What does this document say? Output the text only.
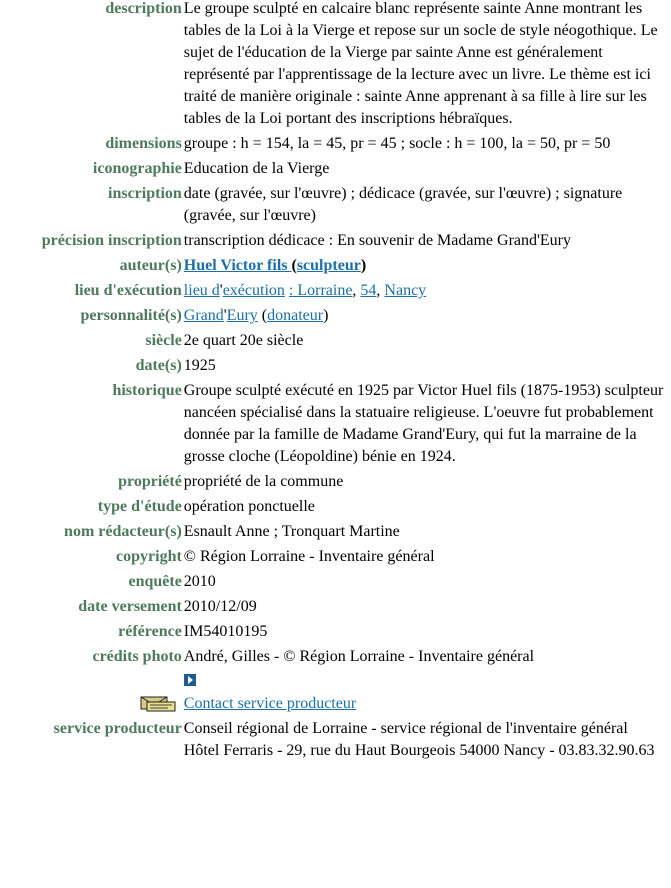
description	Le groupe sculpté en calcaire blanc représente sainte Anne montrant les tables de la Loi à la Vierge et repose sur un socle de style néogothique. Le sujet de l'éducation de la Vierge par sainte Anne est généralement représenté par l'apprentissage de la lecture avec un livre. Le thème est ici traité de manière originale : sainte Anne apprenant à sa fille à lire sur les tables de la Loi portant des inscriptions hébraïques.
dimensions	groupe : h = 154, la = 45, pr = 45 ; socle : h = 100, la = 50, pr = 50
iconographie	Education de la Vierge
inscription	date (gravée, sur l'œuvre) ; dédicace (gravée, sur l'œuvre) ; signature (gravée, sur l'œuvre)
précision inscription	transcription dédicace : En souvenir de Madame Grand'Eury
auteur(s)	Huel Victor fils (sculpteur)
lieu d'exécution	lieu d'exécution : Lorraine, 54, Nancy
personnalité(s)	Grand'Eury (donateur)
siècle	2e quart 20e siècle
date(s)	1925
historique	Groupe sculpté exécuté en 1925 par Victor Huel fils (1875-1953) sculpteur nancéen spécialisé dans la statuaire religieuse. L'oeuvre fut probablement donnée par la famille de Madame Grand'Eury, qui fut la marraine de la grosse cloche (Léopoldine) bénie en 1924.
propriété	propriété de la commune
type d'étude	opération ponctuelle
nom rédacteur(s)	Esnault Anne ; Tronquart Martine
copyright	© Région Lorraine - Inventaire général
enquête	2010
date versement	2010/12/09
référence	IM54010195
crédits photo	André, Gilles - © Région Lorraine - Inventaire général

	Contact service producteur
service producteur	Conseil régional de Lorraine - service régional de l'inventaire général
Hôtel Ferraris - 29, rue du Haut Bourgeois 54000 Nancy - 03.83.32.90.63
